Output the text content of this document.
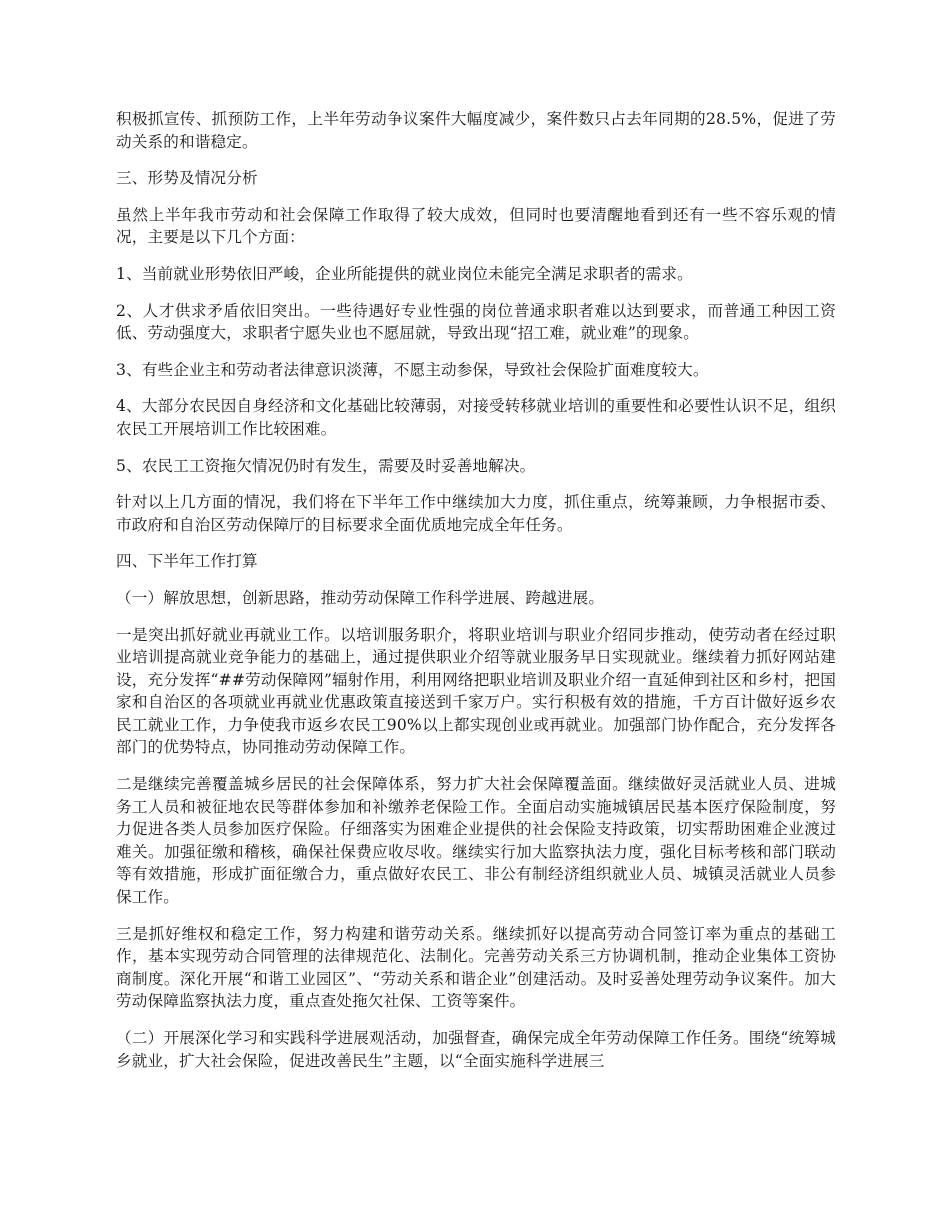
积极抓宣传、抓预防工作，上半年劳动争议案件大幅度减少，案件数只占去年同期的28.5%，促进了劳动关系的和谐稳定。

三、形势及情况分析

虽然上半年我市劳动和社会保障工作取得了较大成效，但同时也要清醒地看到还有一些不容乐观的情况，主要是以下几个方面：

1、当前就业形势依旧严峻，企业所能提供的就业岗位未能完全满足求职者的需求。

2、人才供求矛盾依旧突出。一些待遇好专业性强的岗位普通求职者难以达到要求，而普通工种因工资低、劳动强度大，求职者宁愿失业也不愿屈就，导致出现“招工难，就业难”的现象。

3、有些企业主和劳动者法律意识淡薄，不愿主动参保，导致社会保险扩面难度较大。

4、大部分农民因自身经济和文化基础比较薄弱，对接受转移就业培训的重要性和必要性认识不足，组织农民工开展培训工作比较困难。

5、农民工工资拖欠情况仍时有发生，需要及时妥善地解决。

针对以上几方面的情况，我们将在下半年工作中继续加大力度，抓住重点，统筹兼顾，力争根据市委、市政府和自治区劳动保障厅的目标要求全面优质地完成全年任务。

四、下半年工作打算

（一）解放思想，创新思路，推动劳动保障工作科学进展、跨越进展。

一是突出抓好就业再就业工作。以培训服务职介，将职业培训与职业介绍同步推动，使劳动者在经过职业培训提高就业竞争能力的基础上，通过提供职业介绍等就业服务早日实现就业。继续着力抓好网站建设，充分发挥“##劳动保障网”辐射作用，利用网络把职业培训及职业介绍一直延伸到社区和乡村，把国家和自治区的各项就业再就业优惠政策直接送到千家万户。实行积极有效的措施，千方百计做好返乡农民工就业工作，力争使我市返乡农民工90%以上都实现创业或再就业。加强部门协作配合，充分发挥各部门的优势特点，协同推动劳动保障工作。

二是继续完善覆盖城乡居民的社会保障体系，努力扩大社会保障覆盖面。继续做好灵活就业人员、进城务工人员和被征地农民等群体参加和补缴养老保险工作。全面启动实施城镇居民基本医疗保险制度，努力促进各类人员参加医疗保险。仔细落实为困难企业提供的社会保险支持政策，切实帮助困难企业渡过难关。加强征缴和稽核，确保社保费应收尽收。继续实行加大监察执法力度，强化目标考核和部门联动等有效措施，形成扩面征缴合力，重点做好农民工、非公有制经济组织就业人员、城镇灵活就业人员参保工作。

三是抓好维权和稳定工作，努力构建和谐劳动关系。继续抓好以提高劳动合同签订率为重点的基础工作，基本实现劳动合同管理的法律规范化、法制化。完善劳动关系三方协调机制，推动企业集体工资协商制度。深化开展“和谐工业园区”、“劳动关系和谐企业”创建活动。及时妥善处理劳动争议案件。加大劳动保障监察执法力度，重点查处拖欠社保、工资等案件。

（二）开展深化学习和实践科学进展观活动，加强督查，确保完成全年劳动保障工作任务。围绕“统筹城乡就业，扩大社会保险，促进改善民生”主题，以“全面实施科学进展三
